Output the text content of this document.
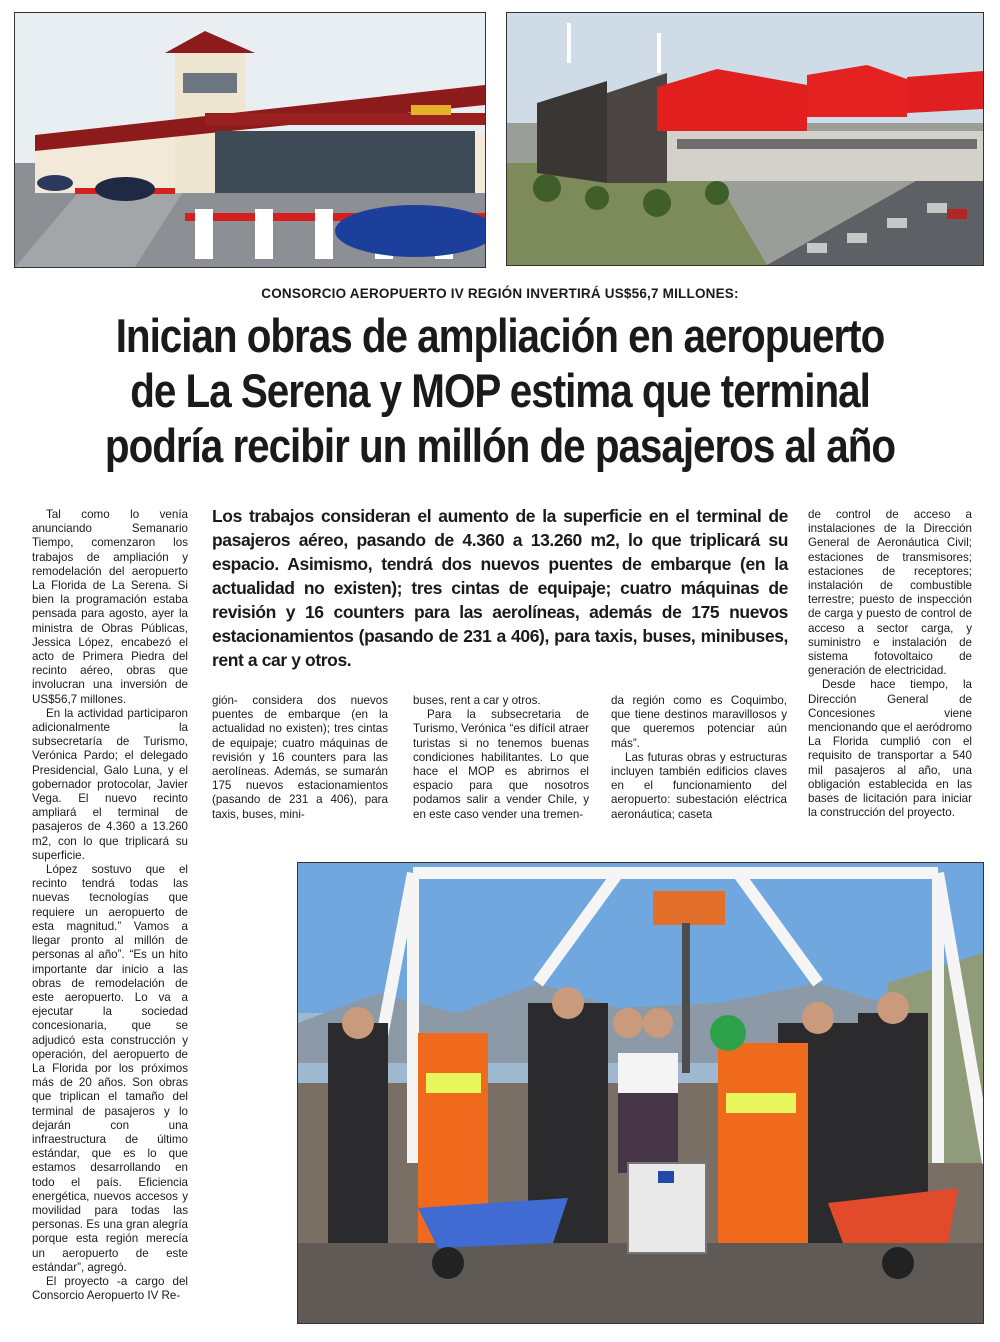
CONSORCIO AEROPUERTO IV REGIÓN INVERTIRÁ US$56,7 MILLONES:
Inician obras de ampliación en aeropuerto
de La Serena y MOP estima que terminal
podría recibir un millón de pasajeros al año

Tal como lo venía anunciando Semanario Tiempo, comenzaron los trabajos de ampliación y remodelación del aeropuerto La Florida de La Serena. Si bien la programación estaba pensada para agosto, ayer la ministra de Obras Públicas, Jessica López, encabezó el acto de Primera Piedra del recinto aéreo, obras que involucran una inversión de US$56,7 millones.

En la actividad participaron adicionalmente la subsecretaría de Turismo, Verónica Pardo; el delegado Presidencial, Galo Luna, y el gobernador protocolar, Javier Vega. El nuevo recinto ampliará el terminal de pasajeros de 4.360 a 13.260 m2, con lo que triplicará su superficie.

López sostuvo que el recinto tendrá todas las nuevas tecnologías que requiere un aeropuerto de esta magnitud.” Vamos a llegar pronto al millón de personas al año”. “Es un hito importante dar inicio a las obras de remodelación de este aeropuerto. Lo va a ejecutar la sociedad concesionaria, que se adjudicó esta construcción y operación, del aeropuerto de La Florida por los próximos más de 20 años. Son obras que triplican el tamaño del terminal de pasajeros y lo dejarán con una infraestructura de último estándar, que es lo que estamos desarrollando en todo el país. Eficiencia energética, nuevos accesos y movilidad para todas las personas. Es una gran alegría porque esta región merecía un aeropuerto de este estándar”, agregó.

El proyecto -a cargo del Consorcio Aeropuerto IV Re-

Los trabajos consideran el aumento de la superficie en el terminal de pasajeros aéreo, pasando de 4.360 a 13.260 m2, lo que triplicará su espacio. Asimismo, tendrá dos nuevos puentes de embarque (en la actualidad no existen); tres cintas de equipaje; cuatro máquinas de revisión y 16 counters para las aerolíneas, además de 175 nuevos estacionamientos (pasando de 231 a 406), para taxis, buses, minibuses, rent a car y otros.

gión- considera dos nuevos puentes de embarque (en la actualidad no existen); tres cintas de equipaje; cuatro máquinas de revisión y 16 counters para las aerolíneas. Además, se sumarán 175 nuevos estacionamientos (pasando de 231 a 406), para taxis, buses, mini-

buses, rent a car y otros.

Para la subsecretaria de Turismo, Verónica “es difícil atraer turistas si no tenemos buenas condiciones habilitantes. Lo que hace el MOP es abrirnos el espacio para que nosotros podamos salir a vender Chile, y en este caso vender una tremen-

da región como es Coquimbo, que tiene destinos maravillosos y que queremos potenciar aún más”.

Las futuras obras y estructuras incluyen también edificios claves en el funcionamiento del aeropuerto: subestación eléctrica aeronáutica; caseta

de control de acceso a instalaciones de la Dirección General de Aeronáutica Civil; estaciones de transmisores; estaciones de receptores; instalación de combustible terrestre; puesto de inspección de carga y puesto de control de acceso a sector carga, y suministro e instalación de sistema fotovoltaico de generación de electricidad.

Desde hace tiempo, la Dirección General de Concesiones viene mencionando que el aeródromo La Florida cumplió con el requisito de transportar a 540 mil pasajeros al año, una obligación establecida en las bases de licitación para iniciar la construcción del proyecto.
